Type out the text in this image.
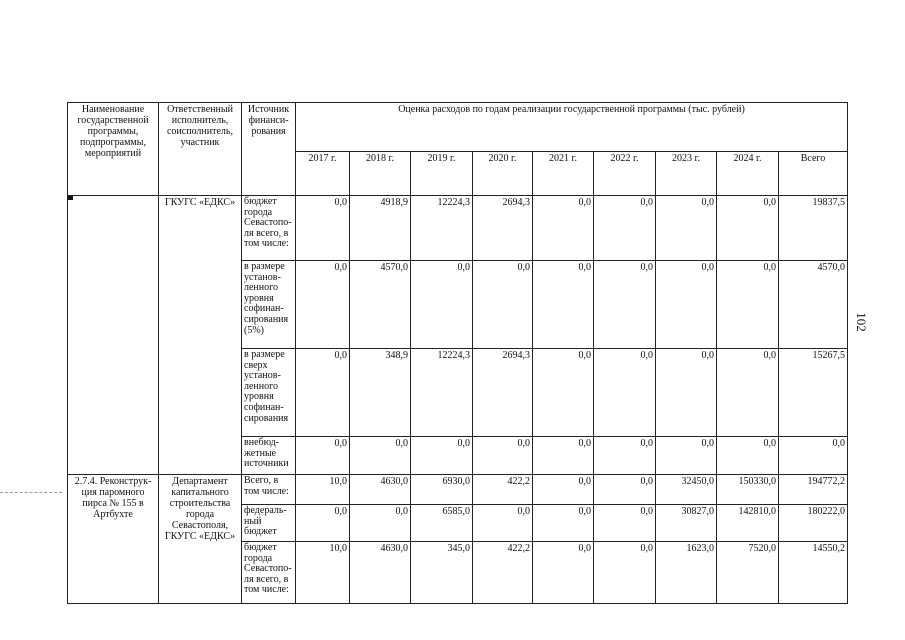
102
Наименование государственной программы, подпрограммы, мероприятий	Ответственный исполнитель, соисполнитель, участник	Источник финанси-рования	Оценка расходов по годам реализации государственной программы (тыс. рублей)								
			2017 г.	2018 г.	2019 г.	2020 г.	2021 г.	2022 г.	2023 г.	2024 г.	Всего
	ГКУГС «ЕДКС»	бюджет города Севастопо-ля всего, в том числе:	0,0	4918,9	12224,3	2694,3	0,0	0,0	0,0	0,0	19837,5
		в размере установ-ленного уровня софинан-сирования (5%)	0,0	4570,0	0,0	0,0	0,0	0,0	0,0	0,0	4570,0
		в размере сверх установ-ленного уровня софинан-сирования	0,0	348,9	12224,3	2694,3	0,0	0,0	0,0	0,0	15267,5
		внебюд-жетные источники	0,0	0,0	0,0	0,0	0,0	0,0	0,0	0,0	0,0
2.7.4. Реконструк-ция паромного пирса № 155 в Артбухте	Департамент капитального строительства города Севастополя, ГКУГС «ЕДКС»	Всего, в том числе:	10,0	4630,0	6930,0	422,2	0,0	0,0	32450,0	150330,0	194772,2
		федераль-ный бюджет	0,0	0,0	6585,0	0,0	0,0	0,0	30827,0	142810,0	180222,0
		бюджет города Севастопо-ля всего, в том числе:	10,0	4630,0	345,0	422,2	0,0	0,0	1623,0	7520,0	14550,2
